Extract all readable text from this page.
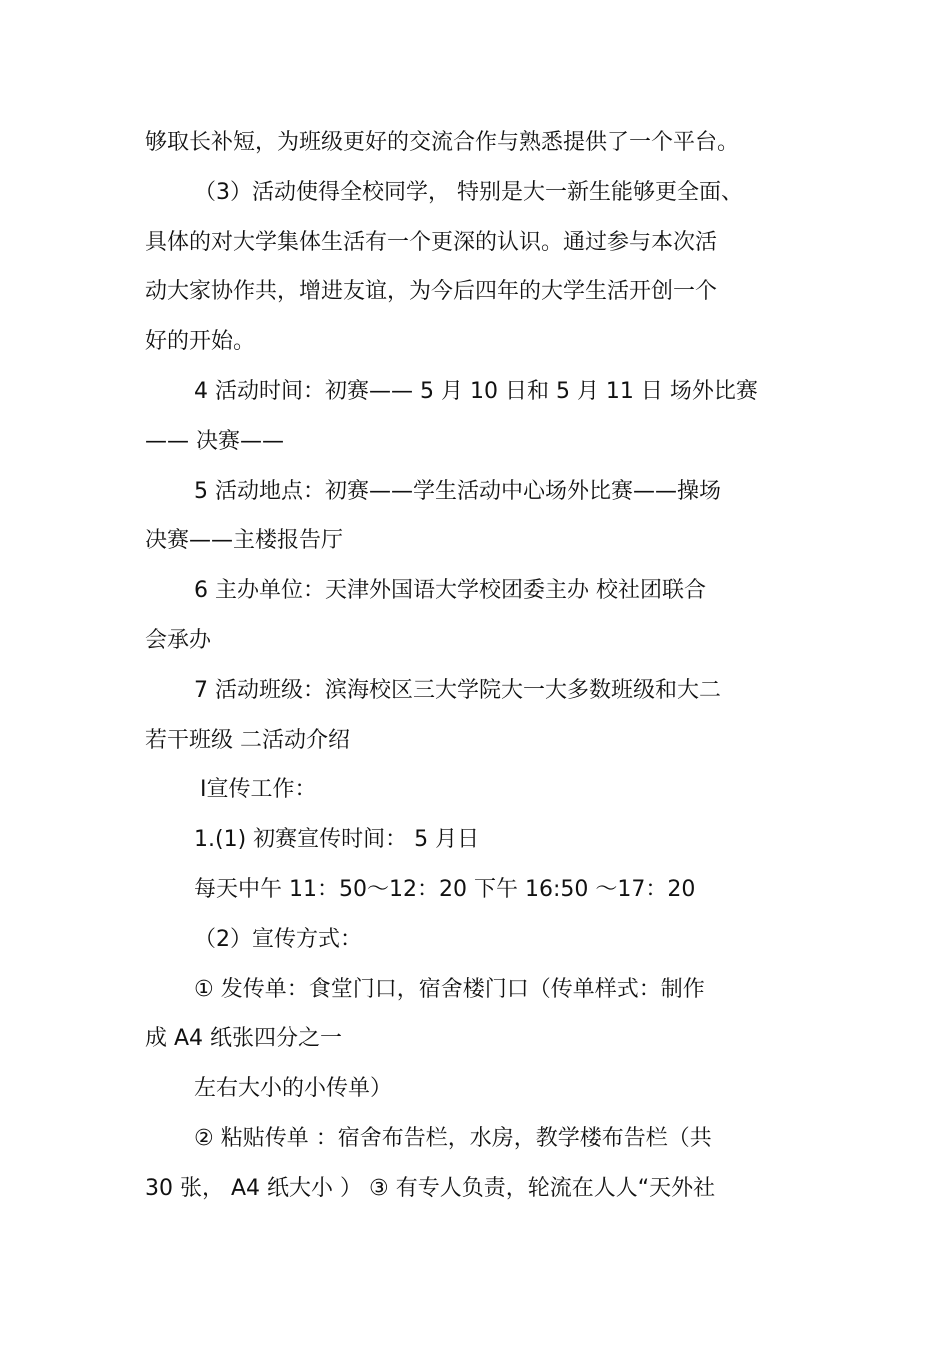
够取长补短，为班级更好的交流合作与熟悉提供了一个平台。
（3）活动使得全校同学， 特别是大一新生能够更全面、
具体的对大学集体生活有一个更深的认识。通过参与本次活
动大家协作共，增进友谊，为今后四年的大学生活开创一个
好的开始。
4 活动时间：初赛—— 5 月 10 日和 5 月 11 日 场外比赛
—— 决赛——
5 活动地点：初赛——学生活动中心场外比赛——操场
决赛——主楼报告厅
6 主办单位：天津外国语大学校团委主办 校社团联合
会承办
7 活动班级：滨海校区三大学院大一大多数班级和大二
若干班级 二活动介绍
Ⅰ宣传工作：
1.(1) 初赛宣传时间： 5 月日
每天中午 11：50～12：20 下午 16:50 ～17：20
（2）宣传方式：
① 发传单：食堂门口，宿舍楼门口（传单样式：制作
成 A4 纸张四分之一
左右大小的小传单）
② 粘贴传单 ：宿舍布告栏，水房，教学楼布告栏（共
30 张， A4 纸大小 ） ③ 有专人负责，轮流在人人“天外社
